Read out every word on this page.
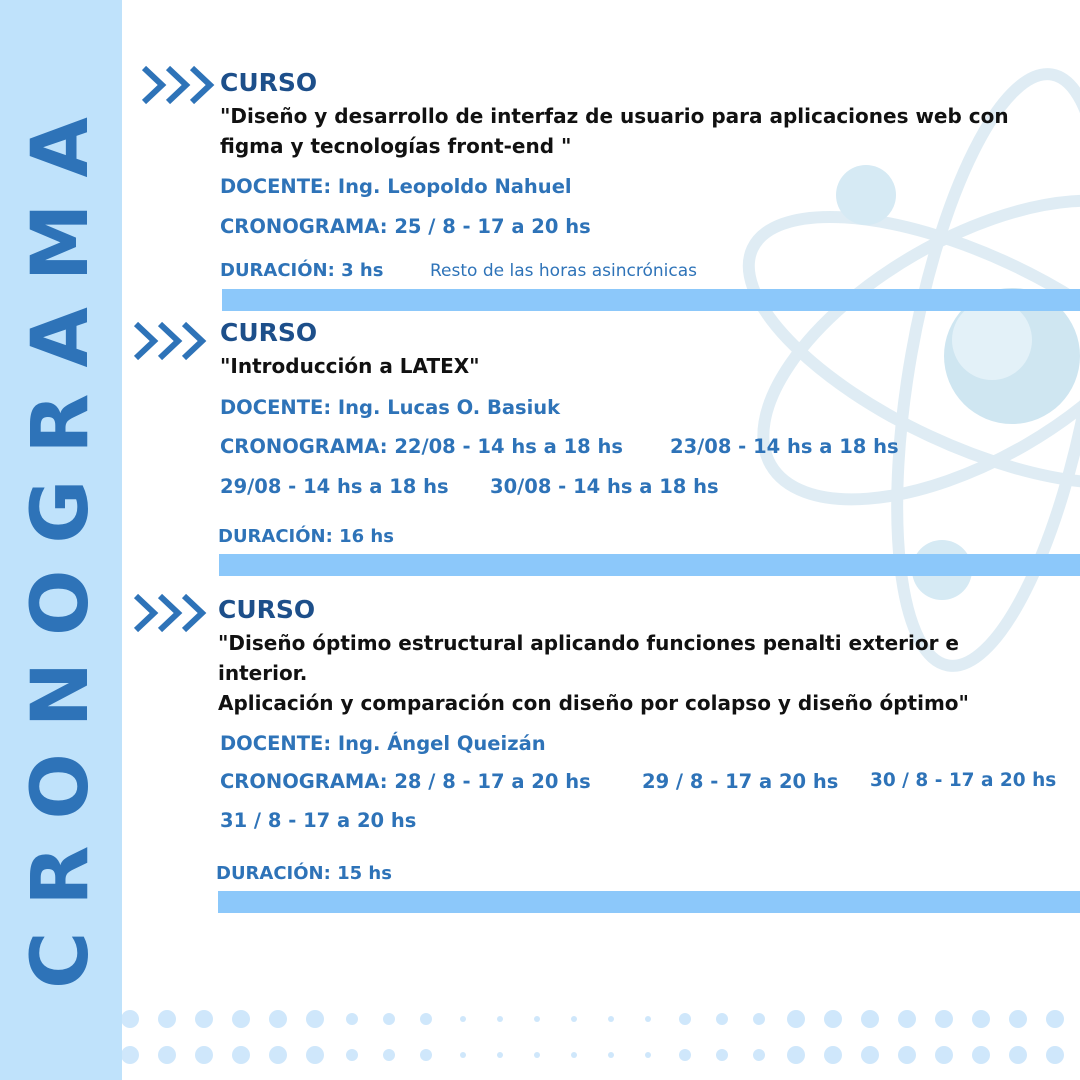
CRONOGRAMA
CURSO
"Diseño y desarrollo de interfaz de usuario para aplicaciones web con
figma y tecnologías front-end "
DOCENTE: Ing. Leopoldo Nahuel
CRONOGRAMA: 25 / 8 - 17 a 20 hs
DURACIÓN: 3 hs	Resto de las horas asincrónicas
CURSO
"Introducción a LATEX"
DOCENTE: Ing. Lucas O. Basiuk
CRONOGRAMA: 22/08 - 14 hs a 18 hs 23/08 - 14 hs a 18 hs
29/08 - 14 hs a 18 hs 30/08 - 14 hs a 18 hs
DURACIÓN: 16 hs
CURSO
"Diseño óptimo estructural aplicando funciones penalti exterior e
interior.
Aplicación y comparación con diseño por colapso y diseño óptimo"
DOCENTE: Ing. Ángel Queizán
CRONOGRAMA: 28 / 8 - 17 a 20 hs	29 / 8 - 17 a 20 hs 30 / 8 - 17 a 20 hs
31 / 8 - 17 a 20 hs
DURACIÓN: 15 hs
